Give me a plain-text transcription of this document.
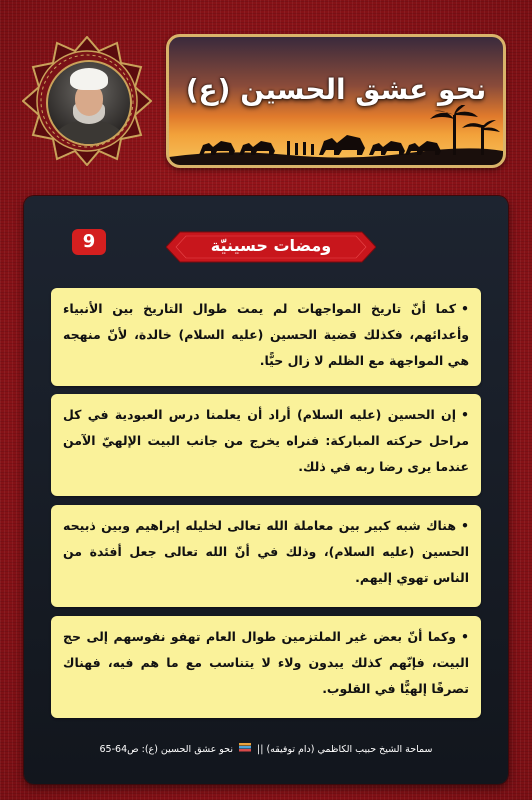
نحو عشق الحسين (ع)
9	ومضات حسينيّة
•كما أنّ تاريخ المواجهات لم يمت طوال التاريخ بين الأنبياء وأعدائهم، فكذلك قضية الحسين (عليه السلام) خالدة، لأنّ منهجه هي المواجهة مع الظلم لا زال حيًّا.
•إن الحسين (عليه السلام) أراد أن يعلمنا درس العبودية في كل مراحل حركته المباركة: فنراه يخرج من جانب البيت الإلهيّ الآمن عندما يرى رضا ربه في ذلك.
•هناك شبه كبير بين معاملة الله تعالى لخليله إبراهيم وبين ذبيحه الحسين (عليه السلام)، وذلك في أنّ الله تعالى جعل أفئدة من الناس تهوي إليهم.
•وكما أنّ بعض غير الملتزمين طوال العام تهفو نفوسهم إلى حج البيت، فإنّهم كذلك يبدون ولاء لا يتناسب مع ما هم فيه، فهناك تصرفًا إلهيًّا في القلوب.
سماحة الشيخ حبيب الكاظمي (دام توفيقه) ||  نحو عشق الحسين (ع): ص64-65
